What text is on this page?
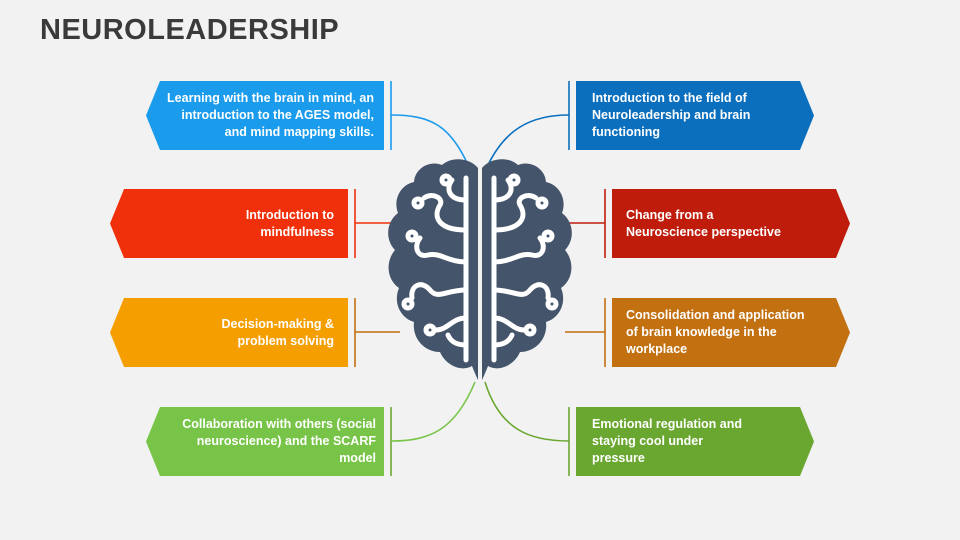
NEUROLEADERSHIP
Learning with the brain in mind, an introduction to the AGES model, and mind mapping skills.
Introduction to mindfulness
Decision-making & problem solving
Collaboration with others (social neuroscience) and the SCARF model
Introduction to the field of Neuroleadership and brain functioning
Change from a Neuroscience perspective
Consolidation and application of brain knowledge in the workplace
Emotional regulation and staying cool under pressure
